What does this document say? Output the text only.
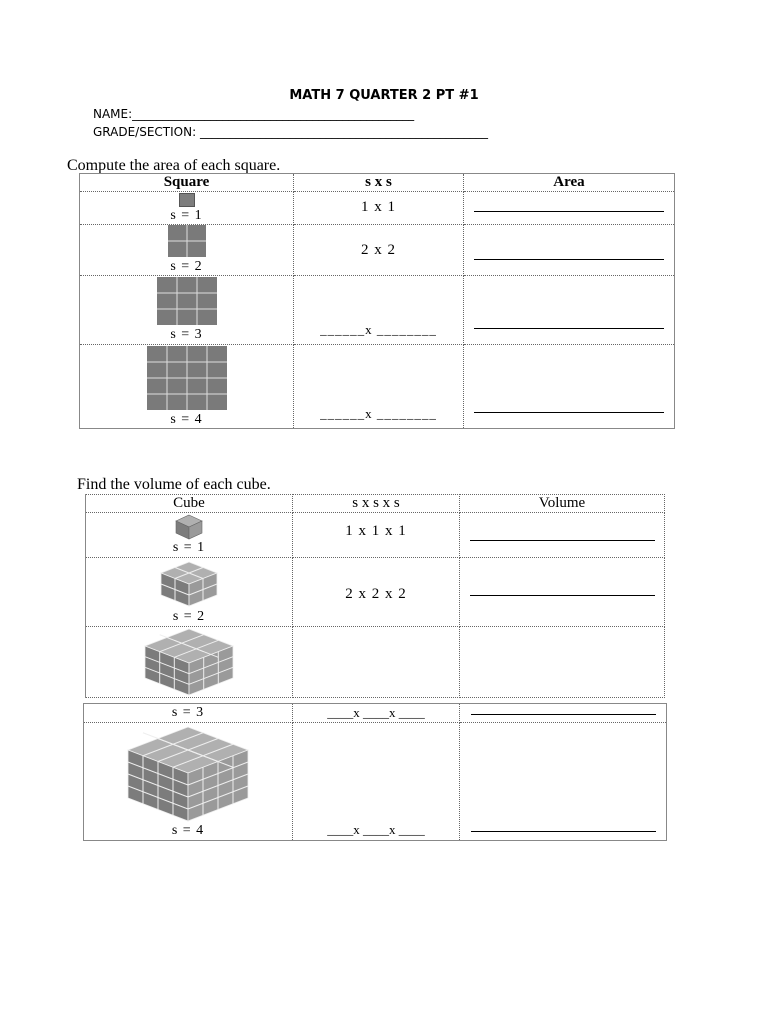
MATH 7 QUARTER 2 PT #1
NAME:_______________________________________________
GRADE/SECTION: ________________________________________________
Compute the area of each square.
Square	s x s	Area

s = 1	1 x 1	

s = 2	2 x 2	

s = 3	______x ________	

s = 4	______x ________	

Find the volume of each cube.
Cube	s x s x s	Volume

s = 1	1 x 1 x 1	

s = 2	2 x 2 x 2	

s = 3	____x ____x ____	

s = 4	____x ____x ____	
